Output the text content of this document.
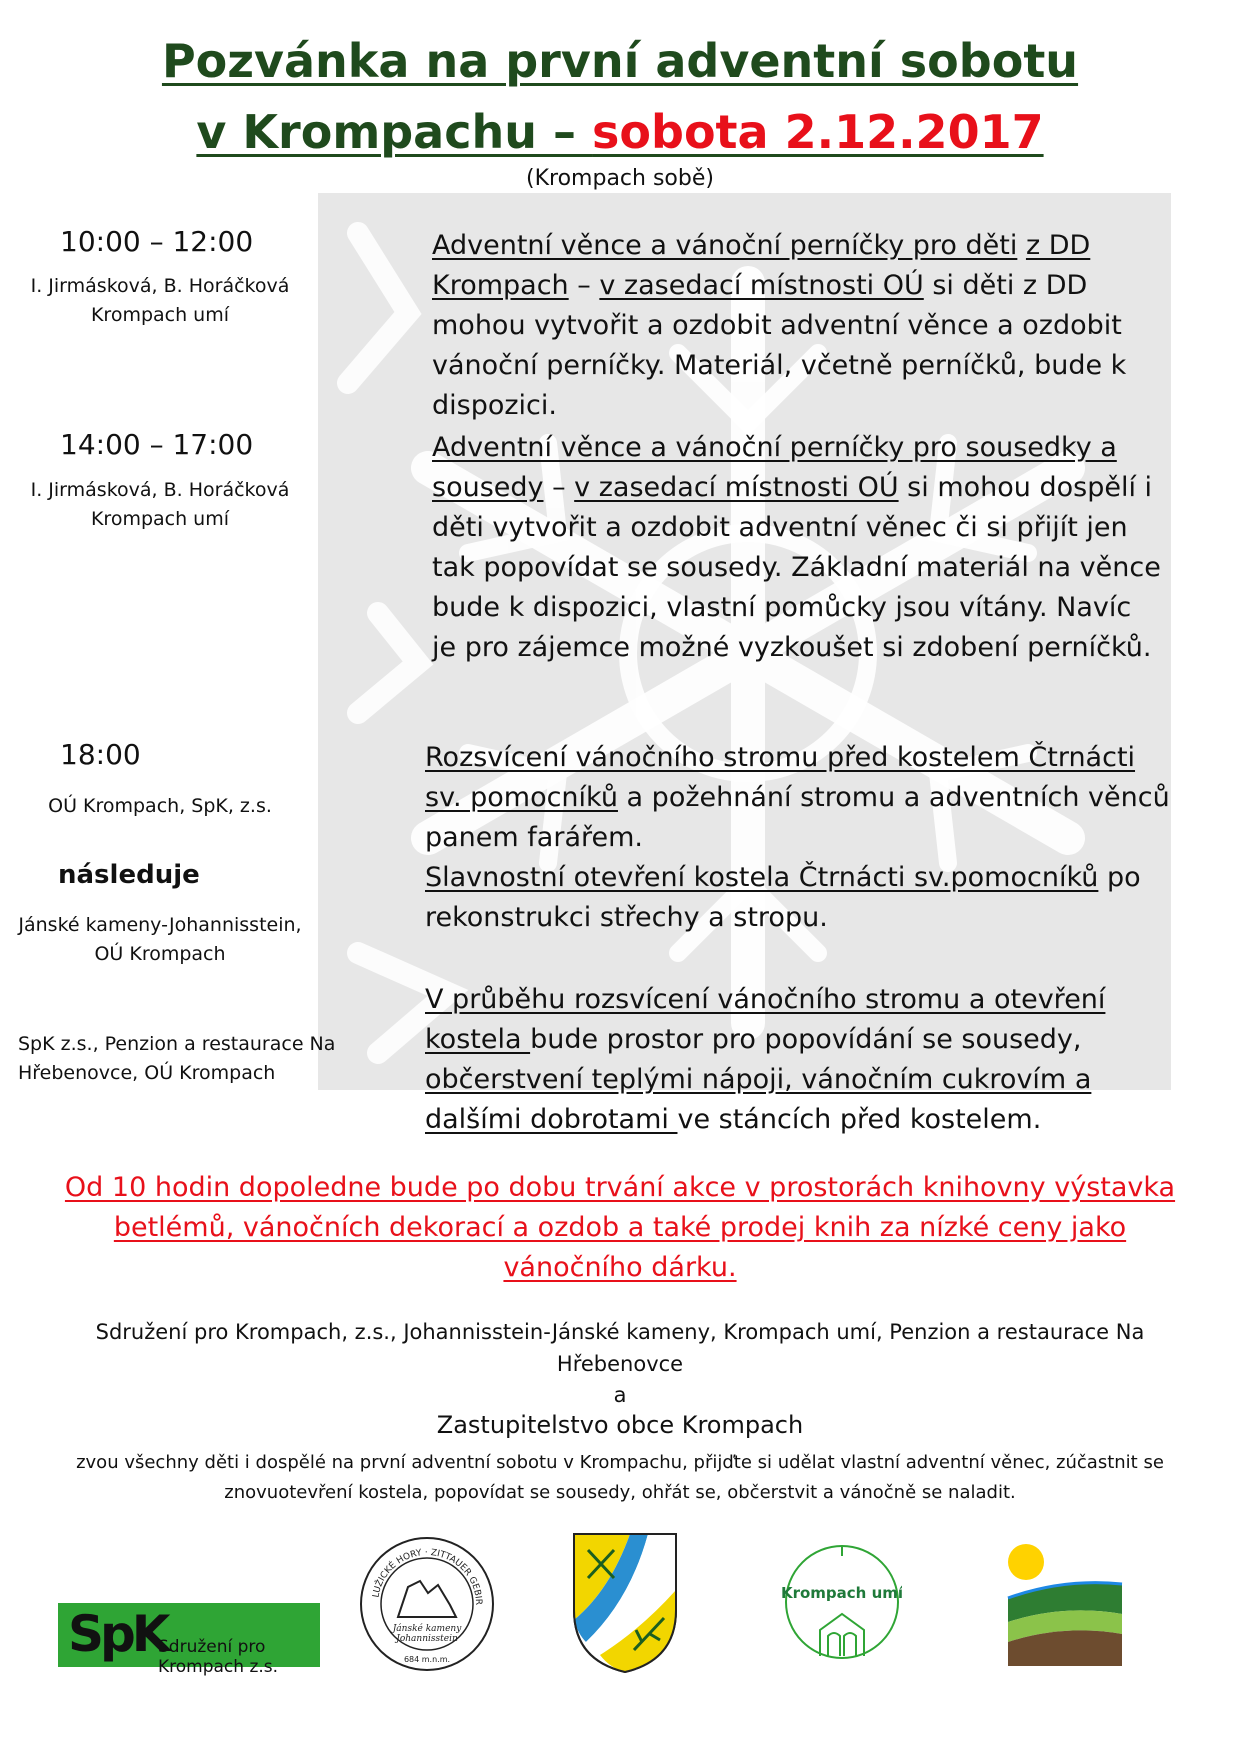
Pozvánka na první adventní sobotu
v Krompachu – sobota 2.12.2017
(Krompach sobě)
10:00 – 12:00
I. Jirmásková, B. Horáčková
Krompach umí
Adventní věnce a vánoční perníčky pro děti z DD Krompach – v zasedací místnosti OÚ si děti z DD mohou vytvořit a ozdobit adventní věnce a ozdobit vánoční perníčky. Materiál, včetně perníčků, bude k dispozici.
14:00 – 17:00
I. Jirmásková, B. Horáčková
Krompach umí
Adventní věnce a vánoční perníčky pro sousedky a sousedy – v zasedací místnosti OÚ si mohou dospělí i děti vytvořit a ozdobit adventní věnec či si přijít jen tak popovídat se sousedy. Základní materiál na věnce bude k dispozici, vlastní pomůcky jsou vítány. Navíc je pro zájemce možné vyzkoušet si zdobení perníčků.
18:00
OÚ Krompach, SpK, z.s.
Rozsvícení vánočního stromu před kostelem Čtrnácti sv. pomocníků a požehnání stromu a adventních věnců panem farářem.
následuje
Jánské kameny-Johannisstein,
OÚ Krompach
Slavnostní otevření kostela Čtrnácti sv.pomocníků po rekonstrukci střechy a stropu.
SpK z.s., Penzion a restaurace Na
Hřebenovce, OÚ Krompach
V průběhu rozsvícení vánočního stromu a otevření kostela bude prostor pro popovídání se sousedy, občerstvení teplými nápoji, vánočním cukrovím a dalšími dobrotami ve stáncích před kostelem.
Od 10 hodin dopoledne bude po dobu trvání akce v prostorách knihovny výstavka betlémů, vánočních dekorací a ozdob a také prodej knih za nízké ceny jako vánočního dárku.
Sdružení pro Krompach, z.s., Johannisstein-Jánské kameny, Krompach umí, Penzion a restaurace Na Hřebenovce
a
Zastupitelstvo obce Krompach
zvou všechny děti i dospělé na první adventní sobotu v Krompachu, přijďte si udělat vlastní adventní věnec, zúčastnit se znovuotevření kostela, popovídat se sousedy, ohřát se, občerstvit a vánočně se naladit.
SpK
Sdružení pro Krompach z.s.
LUŽICKÉ HORY · ZITTAUER GEBIR
Jánské kameny
Johannisstein
684 m.n.m.
Krompach umí
